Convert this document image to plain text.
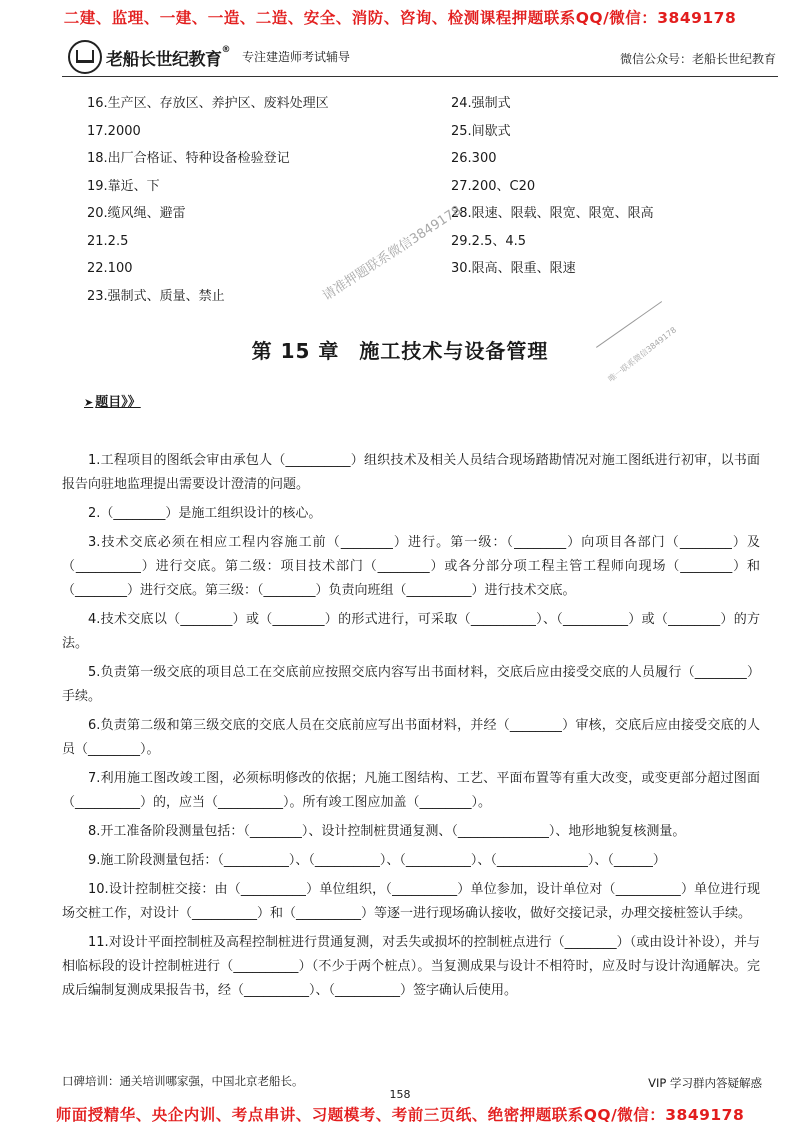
二建、监理、一建、一造、二造、安全、消防、咨询、检测课程押题联系QQ/微信：3849178
老船长世纪教育®
专注建造师考试辅导	微信公众号：老船长世纪教育
16.生产区、存放区、养护区、废料处理区
17.2000
18.出厂合格证、特种设备检验登记
19.靠近、下
20.缆风绳、避雷
21.2.5
22.100
23.强制式、质量、禁止
24.强制式
25.间歇式
26.300
27.200、C20
28.限速、限载、限宽、限宽、限高
29.2.5、4.5
30.限高、限重、限速
请准押题联系微信3849178
唯一联系微信3849178
第 15 章 施工技术与设备管理
➤ 题目》》

1.工程项目的图纸会审由承包人（__________）组织技术及相关人员结合现场踏勘情况对施工图纸进行初审，以书面报告向驻地监理提出需要设计澄清的问题。

2.（________）是施工组织设计的核心。

3.技术交底必须在相应工程内容施工前（________）进行。第一级：（________）向项目各部门（________）及（__________）进行交底。第二级：项目技术部门（________）或各分部分项工程主管工程师向现场（________）和（________）进行交底。第三级：（________）负责向班组（__________）进行技术交底。

4.技术交底以（________）或（________）的形式进行，可采取（__________）、（__________）或（________）的方法。

5.负责第一级交底的项目总工在交底前应按照交底内容写出书面材料，交底后应由接受交底的人员履行（________）手续。

6.负责第二级和第三级交底的交底人员在交底前应写出书面材料，并经（________）审核，交底后应由接受交底的人员（________）。

7.利用施工图改竣工图，必须标明修改的依据；凡施工图结构、工艺、平面布置等有重大改变，或变更部分超过图面（__________）的，应当（__________）。所有竣工图应加盖（________）。

8.开工准备阶段测量包括：（________）、设计控制桩贯通复测、（______________）、地形地貌复核测量。

9.施工阶段测量包括：（__________）、（__________）、（__________）、（______________）、（______）

10.设计控制桩交接：由（__________）单位组织，（__________）单位参加，设计单位对（__________）单位进行现场交桩工作，对设计（__________）和（__________）等逐一进行现场确认接收，做好交接记录，办理交接桩签认手续。

11.对设计平面控制桩及高程控制桩进行贯通复测，对丢失或损坏的控制桩点进行（________）（或由设计补设），并与相临标段的设计控制桩进行（__________）（不少于两个桩点）。当复测成果与设计不相符时，应及时与设计沟通解决。完成后编制复测成果报告书，经（__________）、（__________）签字确认后使用。

口碑培训：通关培训哪家强，中国北京老船长。
158
VIP 学习群内答疑解惑
师面授精华、央企内训、考点串讲、习题模考、考前三页纸、绝密押题联系QQ/微信：3849178
